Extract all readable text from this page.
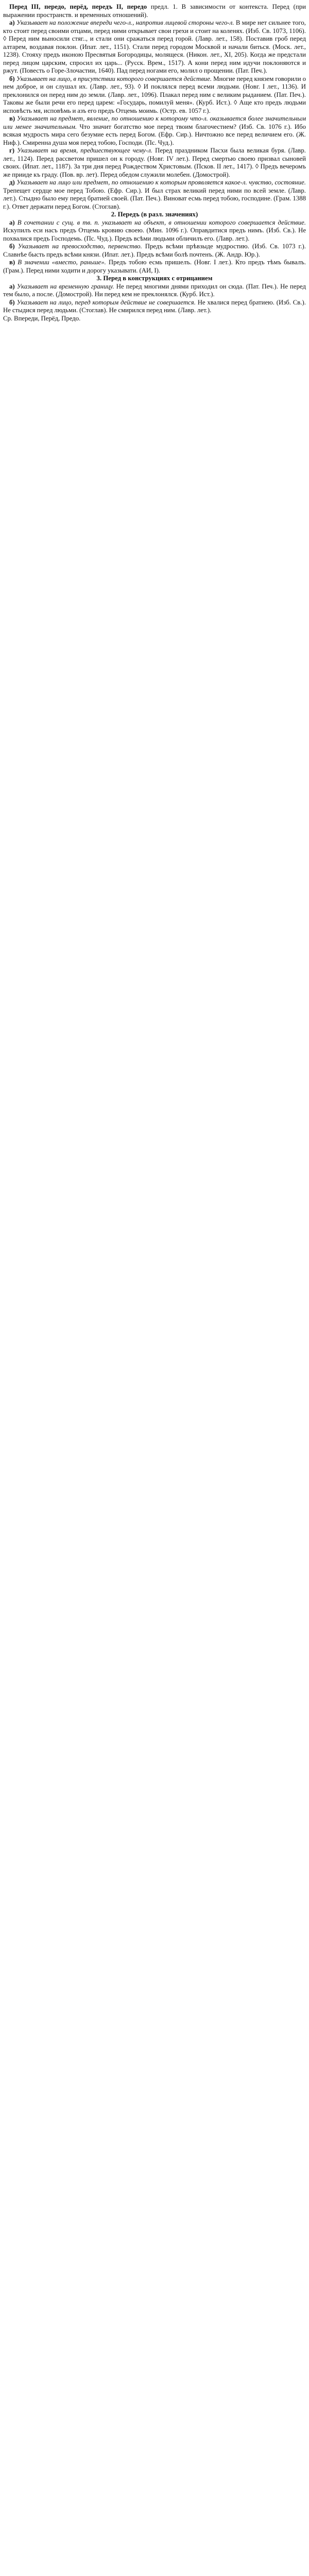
Перед III, передо, перёд, передъ II, передо предл. 1. В зависимости от контекста. Перед (при выражении пространств. и временных отношений).

а) Указывает на положение впереди чего-л., напротив лицевой стороны чего-л. В мире нет сильнее того, кто стоит перед своими отцами, перед ними открывает свои грехи и стоит на коленях. (Изб. Св. 1073, 1106). ◊ Перед ним выносили стяг.., и стали они сражаться перед горой. (Лавр. лет., 158). Поставив гроб перед алтарем, воздавая поклон. (Ипат. лет., 1151). Стали перед городом Москвой и начали биться. (Моск. лет., 1238). Стояху предъ иконою Пресвятыя Богородицы, молящеся. (Никон. лет., XI, 205). Когда же предстали перед лицом царским, спросил их царь... (Русск. Врем., 1517). А кони перед ним идучи поклоняются и ржут. (Повесть о Горе-Злочастии, 1640). Пад перед ногами его, молил о прощении. (Пат. Печ.).

б) Указывает на лицо, в присутствии которого совершается действие. Многие перед князем говорили о нем доброе, и он слушал их. (Лавр. лет., 93). ◊ И поклялся перед всеми людьми. (Новг. I лет., 1136). И преклонился он перед ним до земли. (Лавр. лет., 1096). Плакал перед ним с великим рыданием. (Пат. Печ.). Таковы же были речи его перед царем: «Государь, помилуй меня». (Курб. Ист.). ◊ Аще кто предъ людьми исповѣсть мя, исповѣмь и азъ его предъ Отцемь моимь. (Остр. ев. 1057 г.).

в) Указывает на предмет, явление, по отношению к которому что-л. оказывается более значительным или менее значительным. Что значит богатство мое перед твоим благочестием? (Изб. Св. 1076 г.). Ибо всякая мудрость мира сего безумие есть перед Богом. (Ефр. Сир.). Ничтожно все перед величием его. (Ж. Ниф.). Смиренна душа моя перед тобою, Господи. (Пс. Чуд.).

г) Указывает на время, предшествующее чему-л. Перед праздником Пасхи была великая буря. (Лавр. лет., 1124). Перед рассветом пришел он к городу. (Новг. IV лет.). Перед смертью своею призвал сыновей своих. (Ипат. лет., 1187). За три дня перед Рождеством Христовым. (Псков. II лет., 1417). ◊ Предъ вечеромъ же прииде къ граду. (Пов. вр. лет). Перед обедом служили молебен. (Домострой).

д) Указывает на лицо или предмет, по отношению к которым проявляется какое-л. чувство, состояние. Трепещет сердце мое перед Тобою. (Ефр. Сир.). И был страх великий перед ними по всей земле. (Лавр. лет.). Стыдно было ему перед братией своей. (Пат. Печ.). Виноват есмь перед тобою, господине. (Грам. 1388 г.). Ответ держати перед Богом. (Стоглав).

2. Передъ (в разл. значениях)

а) В сочетании с сущ. в тв. п. указывает на объект, в отношении которого совершается действие. Искупилъ еси насъ предъ Отцемь кровию своею. (Мин. 1096 г.). Оправдитися предъ нимъ. (Изб. Св.). Не похвалися предъ Господемь. (Пс. Чуд.). Предъ всѣми людьми обличилъ его. (Лавр. лет.).

б) Указывает на превосходство, первенство. Предъ всѣми прѣвзыде мудростию. (Изб. Св. 1073 г.). Славнѣе бысть предъ всѣми князи. (Ипат. лет.). Предъ всѣми болѣ почтенъ. (Ж. Андр. Юр.).

в) В значении «вместо, раньше». Предъ тобою есмь пришелъ. (Новг. I лет.). Кто предъ тѣмъ бывалъ. (Грам.). Перед ними ходити и дорогу указывати. (АИ, I).

3. Перед в конструкциях с отрицанием

а) Указывает на временную границу. Не перед многими днями приходил он сюда. (Пат. Печ.). Не перед тем было, а после. (Домострой). Ни перед кем не преклонялся. (Курб. Ист.).

б) Указывает на лицо, перед которым действие не совершается. Не хвалися перед братиею. (Изб. Св.). Не стыдися перед людьми. (Стоглав). Не смирился перед ним. (Лавр. лет.).

Ср. Впереди, Перёд, Предо.
